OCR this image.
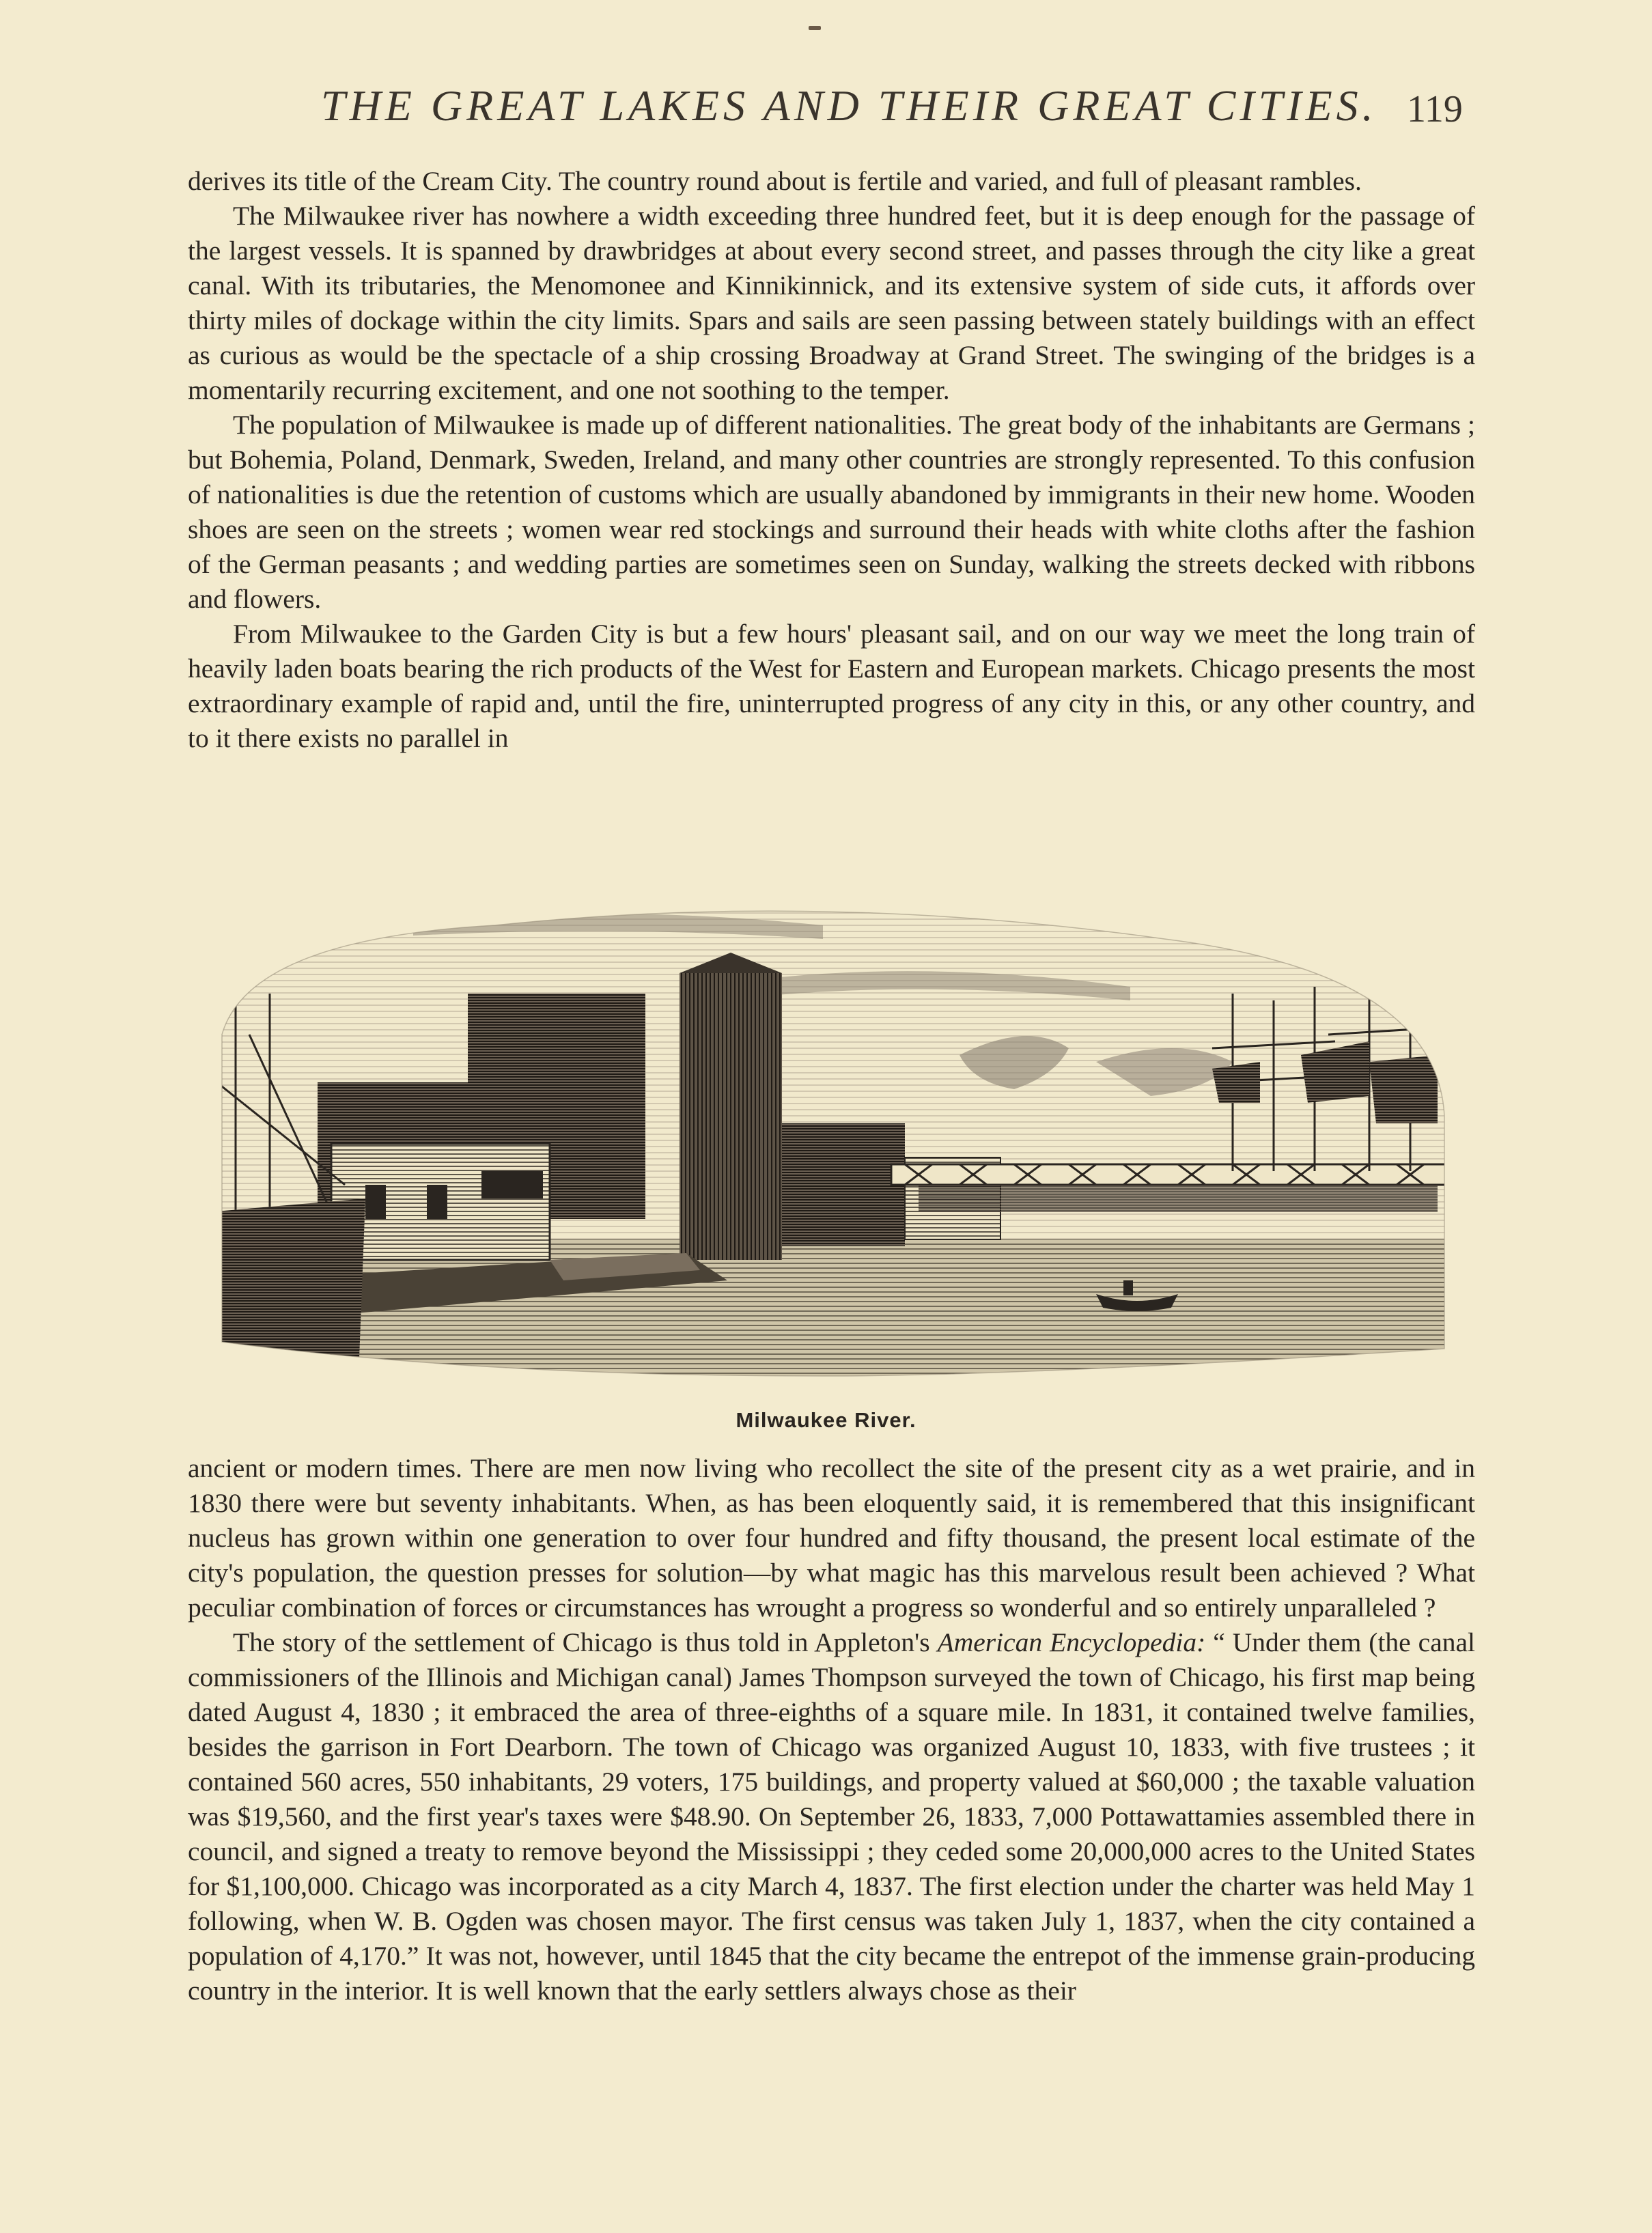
THE GREAT LAKES AND THEIR GREAT CITIES. 119

derives its title of the Cream City. The country round about is fertile and varied, and full of pleasant rambles.

The Milwaukee river has nowhere a width exceeding three hundred feet, but it is deep enough for the passage of the largest vessels. It is spanned by drawbridges at about every second street, and passes through the city like a great canal. With its tributaries, the Menomonee and Kinnikinnick, and its extensive system of side cuts, it affords over thirty miles of dockage within the city limits. Spars and sails are seen passing between stately buildings with an effect as curious as would be the spectacle of a ship crossing Broadway at Grand Street. The swinging of the bridges is a momentarily recurring excitement, and one not soothing to the temper.

The population of Milwaukee is made up of different nationalities. The great body of the inhabitants are Germans ; but Bohemia, Poland, Denmark, Sweden, Ireland, and many other countries are strongly represented. To this confusion of nationalities is due the retention of customs which are usually abandoned by immigrants in their new home. Wooden shoes are seen on the streets ; women wear red stockings and surround their heads with white cloths after the fashion of the German peasants ; and wedding parties are sometimes seen on Sunday, walking the streets decked with ribbons and flowers.

From Milwaukee to the Garden City is but a few hours' pleasant sail, and on our way we meet the long train of heavily laden boats bearing the rich products of the West for Eastern and European markets. Chicago presents the most extraordinary example of rapid and, until the fire, uninterrupted progress of any city in this, or any other country, and to it there exists no parallel in

Milwaukee River.

ancient or modern times. There are men now living who recollect the site of the present city as a wet prairie, and in 1830 there were but seventy inhabitants. When, as has been eloquently said, it is remembered that this insignificant nucleus has grown within one generation to over four hundred and fifty thousand, the present local estimate of the city's population, the question presses for solution—by what magic has this marvelous result been achieved ? What peculiar combination of forces or circumstances has wrought a progress so wonderful and so entirely unparalleled ?

The story of the settlement of Chicago is thus told in Appleton's American Encyclopedia: “ Under them (the canal commissioners of the Illinois and Michigan canal) James Thompson surveyed the town of Chicago, his first map being dated August 4, 1830 ; it embraced the area of three-eighths of a square mile. In 1831, it contained twelve families, besides the garrison in Fort Dearborn. The town of Chicago was organized August 10, 1833, with five trustees ; it contained 560 acres, 550 inhabitants, 29 voters, 175 buildings, and property valued at $60,000 ; the taxable valuation was $19,560, and the first year's taxes were $48.90. On September 26, 1833, 7,000 Pottawattamies assembled there in council, and signed a treaty to remove beyond the Mississippi ; they ceded some 20,000,000 acres to the United States for $1,100,000. Chicago was incorporated as a city March 4, 1837. The first election under the charter was held May 1 following, when W. B. Ogden was chosen mayor. The first census was taken July 1, 1837, when the city contained a population of 4,170.” It was not, however, until 1845 that the city became the entrepot of the immense grain-producing country in the interior. It is well known that the early settlers always chose as their
